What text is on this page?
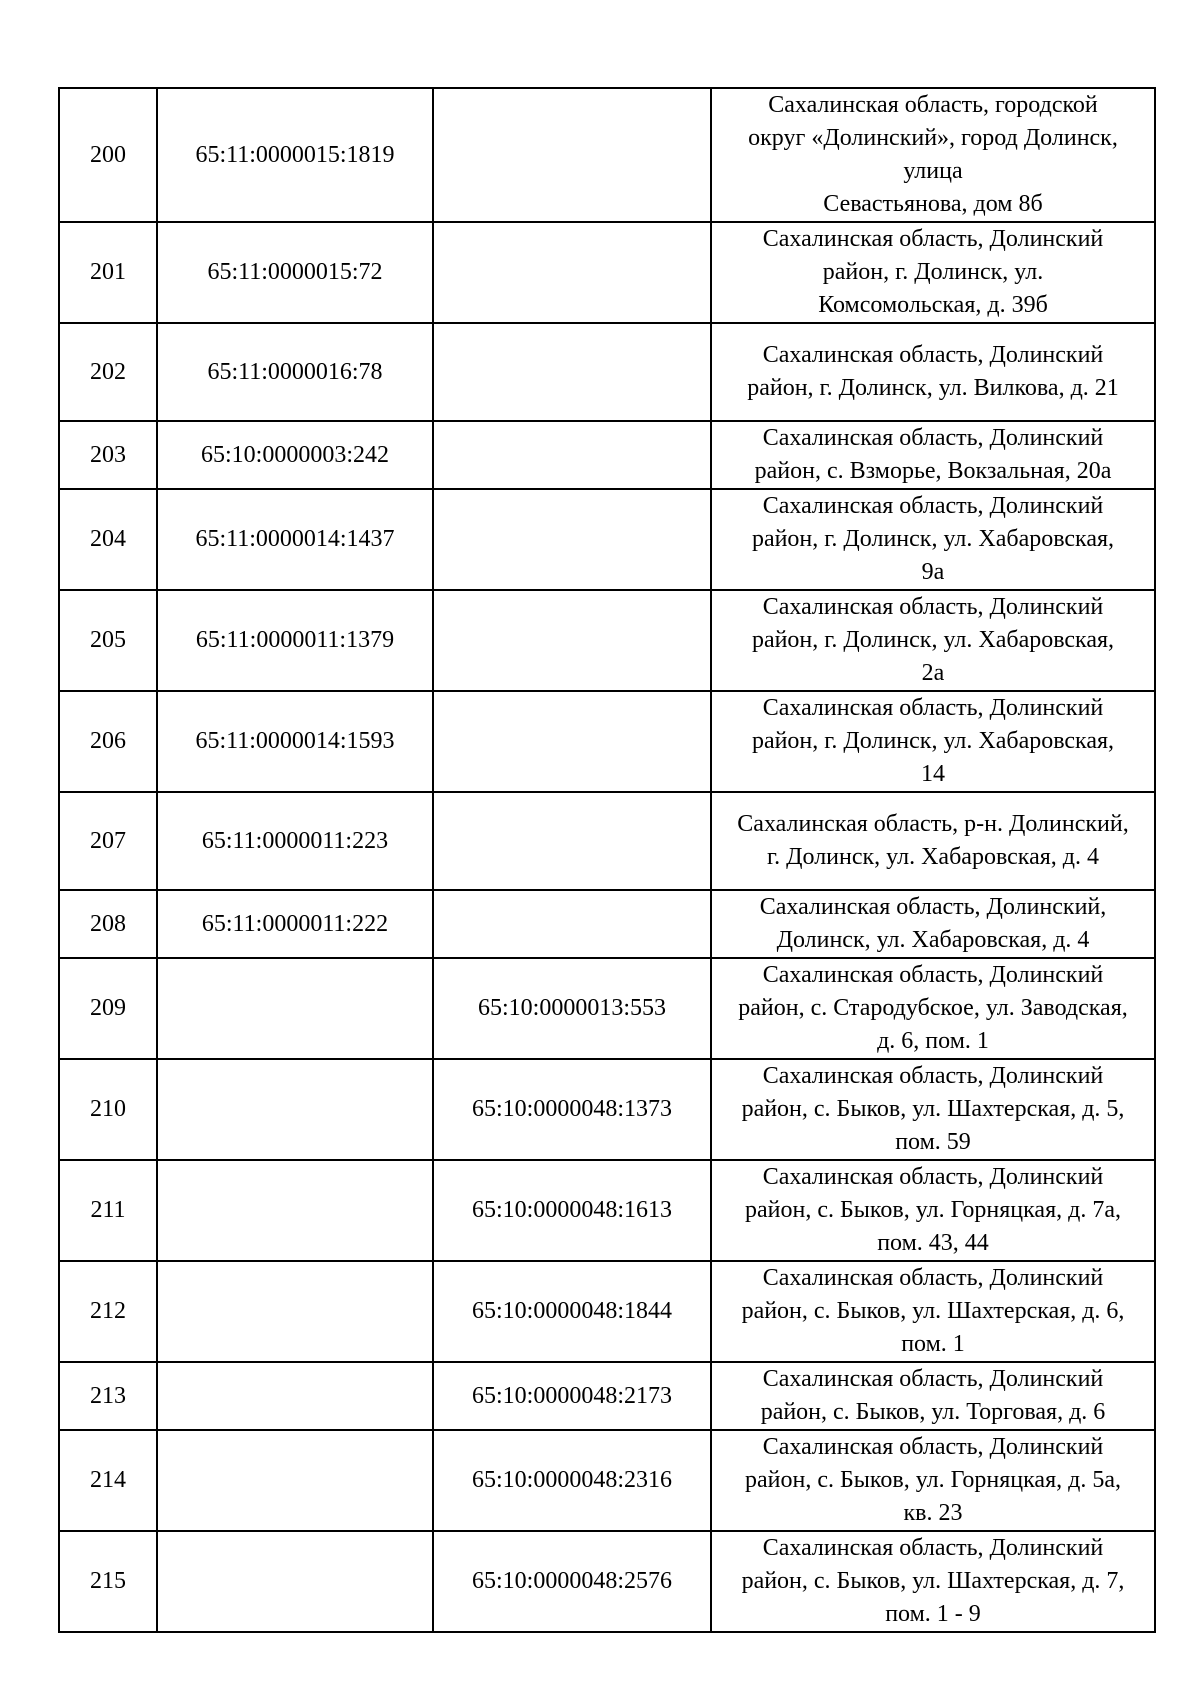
200	65:11:0000015:1819		Сахалинская область, городской
округ «Долинский», город Долинск,
улица
Севастьянова, дом 8б

201	65:11:0000015:72		Сахалинская область, Долинский
район, г. Долинск, ул.
Комсомольская, д. 39б

202	65:11:0000016:78		Сахалинская область, Долинский
район, г. Долинск, ул. Вилкова, д. 21

203	65:10:0000003:242		Сахалинская область, Долинский
район, с. Взморье, Вокзальная, 20а

204	65:11:0000014:1437		Сахалинская область, Долинский
район, г. Долинск, ул. Хабаровская,
9а

205	65:11:0000011:1379		Сахалинская область, Долинский
район, г. Долинск, ул. Хабаровская,
2а

206	65:11:0000014:1593		Сахалинская область, Долинский
район, г. Долинск, ул. Хабаровская,
14

207	65:11:0000011:223		Сахалинская область, р-н. Долинский,
г. Долинск, ул. Хабаровская, д. 4

208	65:11:0000011:222		Сахалинская область, Долинский,
Долинск, ул. Хабаровская, д. 4

209		65:10:0000013:553	Сахалинская область, Долинский
район, с. Стародубское, ул. Заводская,
д. 6, пом. 1

210		65:10:0000048:1373	Сахалинская область, Долинский
район, с. Быков, ул. Шахтерская, д. 5,
пом. 59

211		65:10:0000048:1613	Сахалинская область, Долинский
район, с. Быков, ул. Горняцкая, д. 7а,
пом. 43, 44

212		65:10:0000048:1844	Сахалинская область, Долинский
район, с. Быков, ул. Шахтерская, д. 6,
пом. 1

213		65:10:0000048:2173	Сахалинская область, Долинский
район, с. Быков, ул. Торговая, д. 6

214		65:10:0000048:2316	Сахалинская область, Долинский
район, с. Быков, ул. Горняцкая, д. 5а,
кв. 23

215		65:10:0000048:2576	Сахалинская область, Долинский
район, с. Быков, ул. Шахтерская, д. 7,
пом. 1 - 9
